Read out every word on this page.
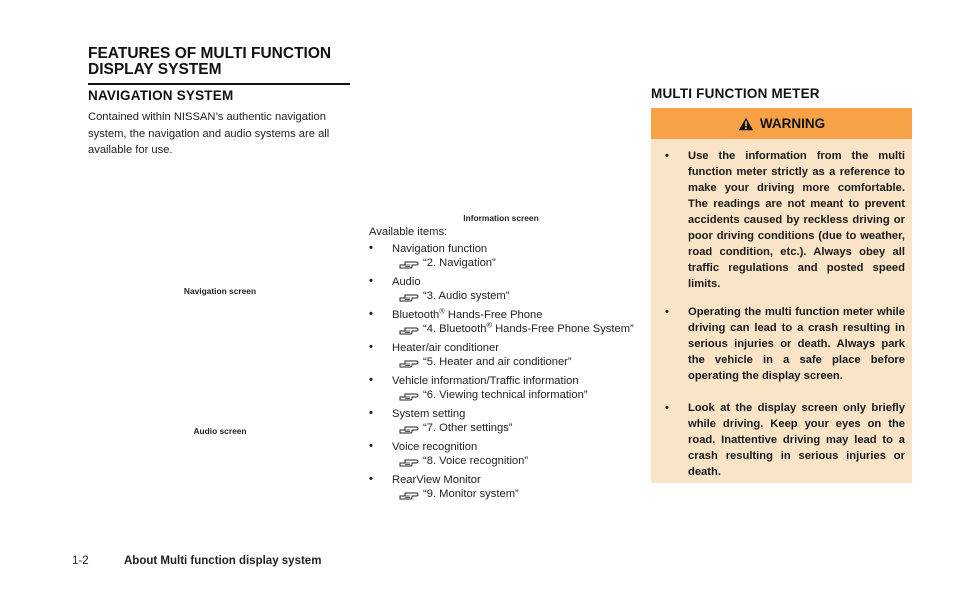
FEATURES OF MULTI FUNCTION DISPLAY SYSTEM
NAVIGATION SYSTEM
Contained within NISSAN’s authentic navigation system, the navigation and audio systems are all available for use.
Navigation screen
Audio screen
Information screen
Available items:
•	Navigation function
“2. Navigation”
•	Audio
“3. Audio system”
•	Bluetooth® Hands-Free Phone
“4. Bluetooth® Hands-Free Phone System”
•	Heater/air conditioner
“5. Heater and air conditioner”
•	Vehicle information/Traffic information
“6. Viewing technical information”
•	System setting
“7. Other settings”
•	Voice recognition
“8. Voice recognition”
•	RearView Monitor
“9. Monitor system”
MULTI FUNCTION METER
WARNING
•	Use the information from the multi function meter strictly as a reference to make your driving more comfortable. The readings are not meant to prevent accidents caused by reckless driving or poor driving conditions (due to weather, road condition, etc.). Always obey all traffic regulations and posted speed limits.
•	Operating the multi function meter while driving can lead to a crash resulting in serious injuries or death. Always park the vehicle in a safe place before operating the display screen.
•	Look at the display screen only briefly while driving. Keep your eyes on the road. Inattentive driving may lead to a crash resulting in serious injuries or death.
1-2	About Multi function display system
